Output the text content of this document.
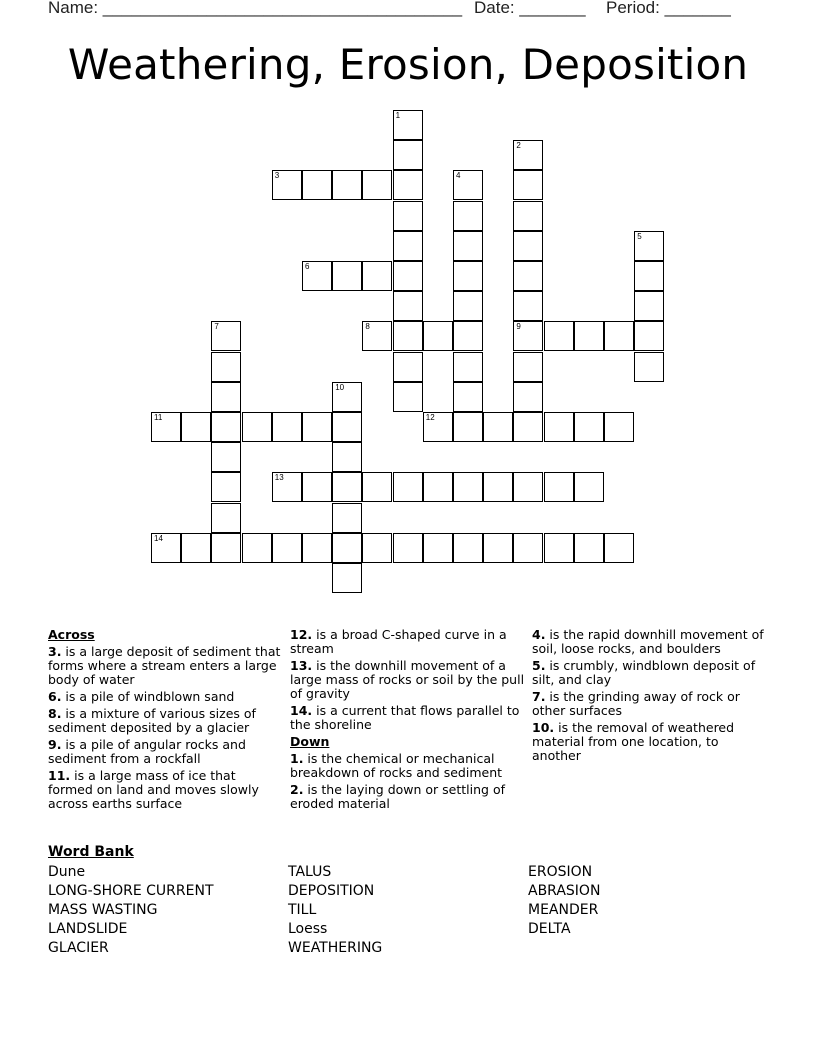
Name: ______________________________________ Date: _______ Period: _______
Weathering, Erosion, Deposition
1
2
3	4
5
6
7	8	9
10
11	12
13
14
Across
3. is a large deposit of sediment that forms where a stream enters a large body of water
6. is a pile of windblown sand
8. is a mixture of various sizes of sediment deposited by a glacier
9. is a pile of angular rocks and sediment from a rockfall
11. is a large mass of ice that formed on land and moves slowly across earths surface
12. is a broad C-shaped curve in a stream
13. is the downhill movement of a large mass of rocks or soil by the pull of gravity
14. is a current that flows parallel to the shoreline
Down
1. is the chemical or mechanical breakdown of rocks and sediment
2. is the laying down or settling of eroded material
4. is the rapid downhill movement of soil, loose rocks, and boulders
5. is crumbly, windblown deposit of silt, and clay
7. is the grinding away of rock or other surfaces
10. is the removal of weathered material from one location, to another
Word Bank
Dune
LONG-SHORE CURRENT
MASS WASTING
LANDSLIDE
GLACIER
TALUS
DEPOSITION
TILL
Loess
WEATHERING
EROSION
ABRASION
MEANDER
DELTA
